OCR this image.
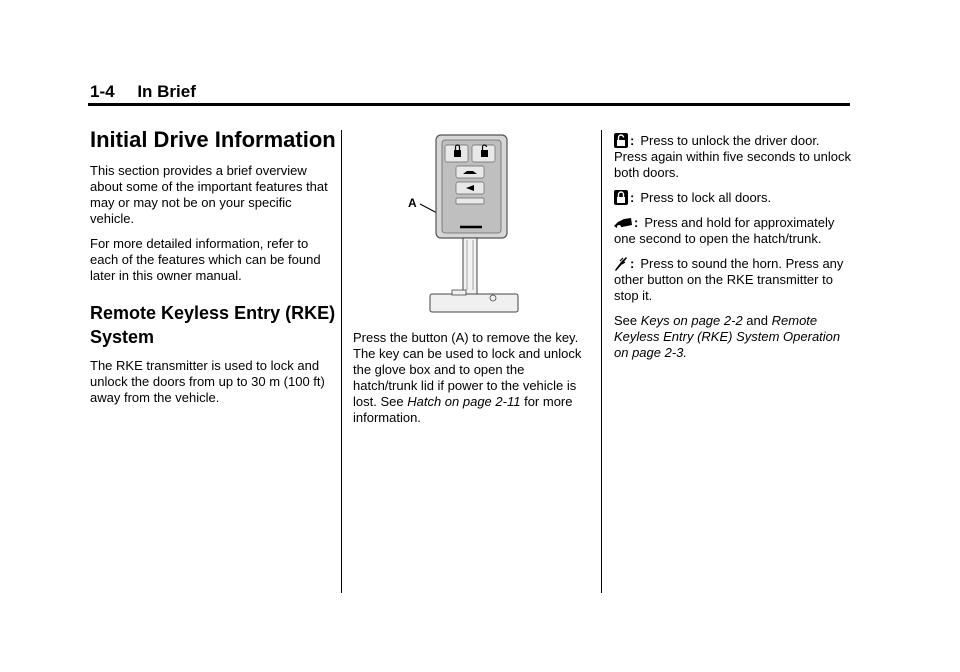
1-4 In Brief
Initial Drive Information

This section provides a brief overview about some of the important features that may or may not be on your specific vehicle.

For more detailed information, refer to each of the features which can be found later in this owner manual.

Remote Keyless Entry (RKE) System

The RKE transmitter is used to lock and unlock the doors from up to 30 m (100 ft) away from the vehicle.

A

Press the button (A) to remove the key. The key can be used to lock and unlock the glove box and to open the hatch/trunk lid if power to the vehicle is lost. See Hatch on page 2-11 for more information.

: Press to unlock the driver door. Press again within five seconds to unlock both doors.

: Press to lock all doors.

: Press and hold for approximately one second to open the hatch/trunk.

: Press to sound the horn. Press any other button on the RKE transmitter to stop it.

See Keys on page 2-2 and Remote Keyless Entry (RKE) System Operation on page 2-3.
